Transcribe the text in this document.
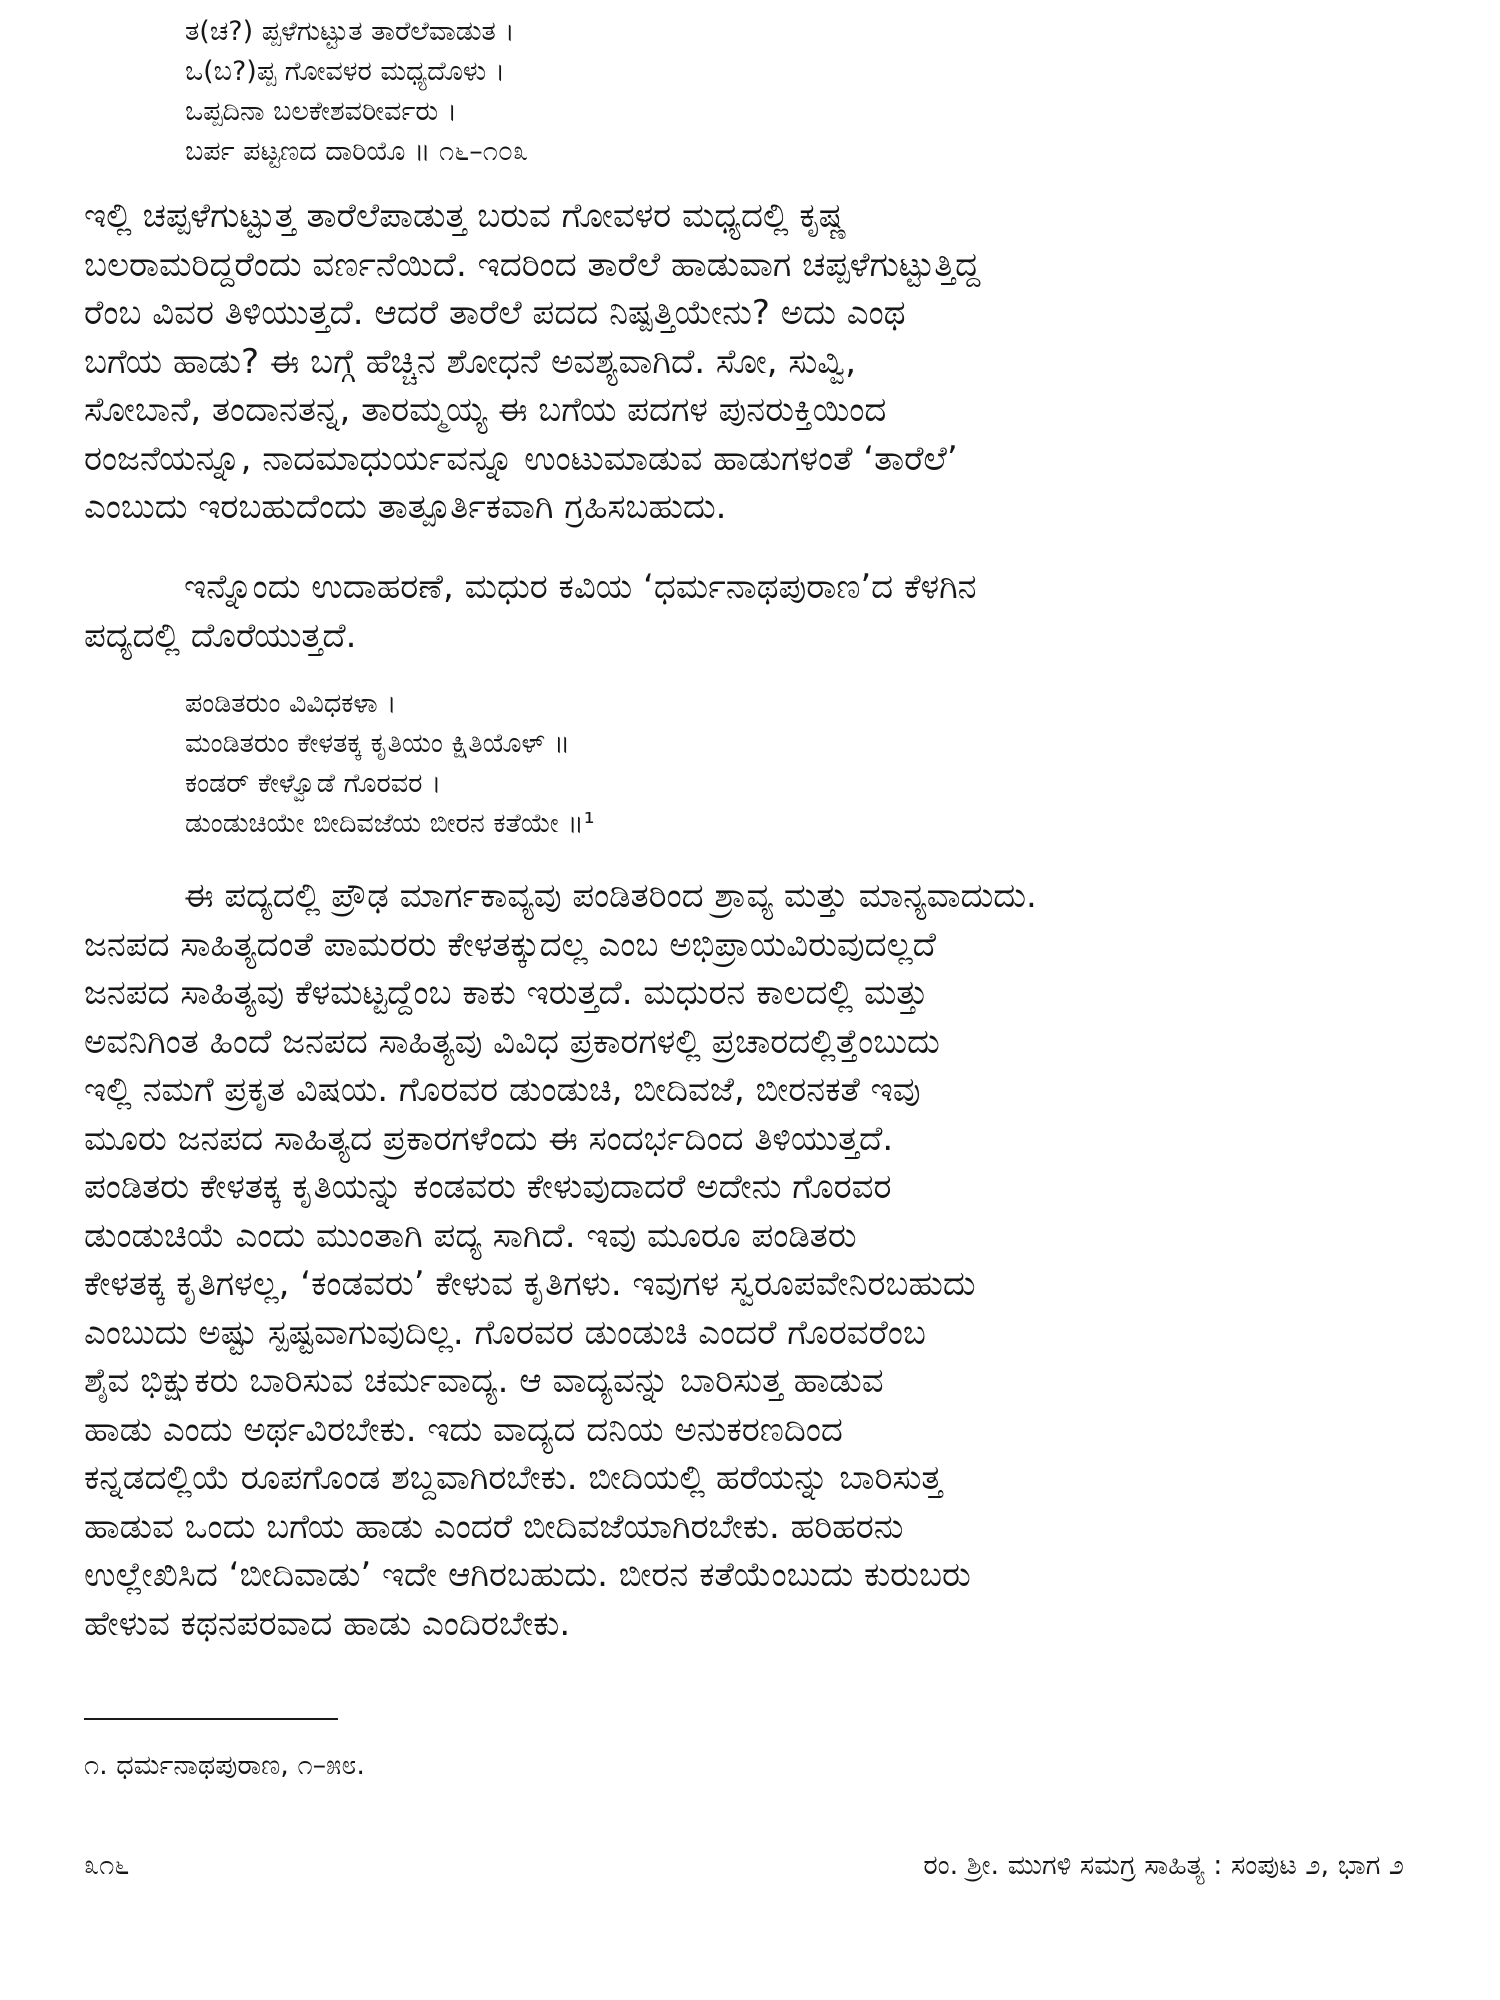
ತ(ಚ?) ಪ್ಪಳೆಗುಟ್ಟುತ ತಾರೆಲೆವಾಡುತ ।
ಒ(ಬ?)ಪ್ಪ ಗೋವಳರ ಮಧ್ಯದೊಳು ।
ಒಪ್ಪದಿನಾ ಬಲಕೇಶವರೀರ್ವರು ।
ಬರ್ಪ ಪಟ್ಟಣದ ದಾರಿಯೊ ॥ ೧೬–೧೦೩
ಇಲ್ಲಿ ಚಪ್ಪಳೆಗುಟ್ಟುತ್ತ ತಾರೆಲೆಪಾಡುತ್ತ ಬರುವ ಗೋವಳರ ಮಧ್ಯದಲ್ಲಿ ಕೃಷ್ಣ
ಬಲರಾಮರಿದ್ದರೆಂದು ವರ್ಣನೆಯಿದೆ. ಇದರಿಂದ ತಾರೆಲೆ ಹಾಡುವಾಗ ಚಪ್ಪಳೆಗುಟ್ಟುತ್ತಿದ್ದ
ರೆಂಬ ವಿವರ ತಿಳಿಯುತ್ತದೆ. ಆದರೆ ತಾರೆಲೆ ಪದದ ನಿಷ್ಪತ್ತಿಯೇನು? ಅದು ಎಂಥ
ಬಗೆಯ ಹಾಡು? ಈ ಬಗ್ಗೆ ಹೆಚ್ಚಿನ ಶೋಧನೆ ಅವಶ್ಯವಾಗಿದೆ. ಸೋ, ಸುವ್ವಿ,
ಸೋಬಾನೆ, ತಂದಾನತನ್ನ, ತಾರಮ್ಮಯ್ಯ ಈ ಬಗೆಯ ಪದಗಳ ಪುನರುಕ್ತಿಯಿಂದ
ರಂಜನೆಯನ್ನೂ, ನಾದಮಾಧುರ್ಯವನ್ನೂ ಉಂಟುಮಾಡುವ ಹಾಡುಗಳಂತೆ ‘ತಾರೆಲೆ’
ಎಂಬುದು ಇರಬಹುದೆಂದು ತಾತ್ಪೂರ್ತಿಕವಾಗಿ ಗ್ರಹಿಸಬಹುದು.
ಇನ್ನೊಂದು ಉದಾಹರಣೆ, ಮಧುರ ಕವಿಯ ‘ಧರ್ಮನಾಥಪುರಾಣ’ದ ಕೆಳಗಿನ
ಪದ್ಯದಲ್ಲಿ ದೊರೆಯುತ್ತದೆ.
ಪಂಡಿತರುಂ ವಿವಿಧಕಳಾ ।
ಮಂಡಿತರುಂ ಕೇಳತಕ್ಕ ಕೃತಿಯಂ ಕ್ಷಿತಿಯೊಳ್ ॥
ಕಂಡರ್ ಕೇಳ್ವೊಡೆ ಗೊರವರ ।
ಡುಂಡುಚಿಯೇ ಬೀದಿವಜೆಯ ಬೀರನ ಕತೆಯೇ ॥¹
ಈ ಪದ್ಯದಲ್ಲಿ ಪ್ರೌಢ ಮಾರ್ಗಕಾವ್ಯವು ಪಂಡಿತರಿಂದ ಶ್ರಾವ್ಯ ಮತ್ತು ಮಾನ್ಯವಾದುದು.
ಜನಪದ ಸಾಹಿತ್ಯದಂತೆ ಪಾಮರರು ಕೇಳತಕ್ಕುದಲ್ಲ ಎಂಬ ಅಭಿಪ್ರಾಯವಿರುವುದಲ್ಲದೆ
ಜನಪದ ಸಾಹಿತ್ಯವು ಕೆಳಮಟ್ಟದ್ದೆಂಬ ಕಾಕು ಇರುತ್ತದೆ. ಮಧುರನ ಕಾಲದಲ್ಲಿ ಮತ್ತು
ಅವನಿಗಿಂತ ಹಿಂದೆ ಜನಪದ ಸಾಹಿತ್ಯವು ವಿವಿಧ ಪ್ರಕಾರಗಳಲ್ಲಿ ಪ್ರಚಾರದಲ್ಲಿತ್ತೆಂಬುದು
ಇಲ್ಲಿ ನಮಗೆ ಪ್ರಕೃತ ವಿಷಯ. ಗೊರವರ ಡುಂಡುಚಿ, ಬೀದಿವಜೆ, ಬೀರನಕತೆ ಇವು
ಮೂರು ಜನಪದ ಸಾಹಿತ್ಯದ ಪ್ರಕಾರಗಳೆಂದು ಈ ಸಂದರ್ಭದಿಂದ ತಿಳಿಯುತ್ತದೆ.
ಪಂಡಿತರು ಕೇಳತಕ್ಕ ಕೃತಿಯನ್ನು ಕಂಡವರು ಕೇಳುವುದಾದರೆ ಅದೇನು ಗೊರವರ
ಡುಂಡುಚಿಯೆ ಎಂದು ಮುಂತಾಗಿ ಪದ್ಯ ಸಾಗಿದೆ. ಇವು ಮೂರೂ ಪಂಡಿತರು
ಕೇಳತಕ್ಕ ಕೃತಿಗಳಲ್ಲ, ‘ಕಂಡವರು’ ಕೇಳುವ ಕೃತಿಗಳು. ಇವುಗಳ ಸ್ವರೂಪವೇನಿರಬಹುದು
ಎಂಬುದು ಅಷ್ಟು ಸ್ಪಷ್ಟವಾಗುವುದಿಲ್ಲ. ಗೊರವರ ಡುಂಡುಚಿ ಎಂದರೆ ಗೊರವರೆಂಬ
ಶೈವ ಭಿಕ್ಷುಕರು ಬಾರಿಸುವ ಚರ್ಮವಾದ್ಯ. ಆ ವಾದ್ಯವನ್ನು ಬಾರಿಸುತ್ತ ಹಾಡುವ
ಹಾಡು ಎಂದು ಅರ್ಥವಿರಬೇಕು. ಇದು ವಾದ್ಯದ ದನಿಯ ಅನುಕರಣದಿಂದ
ಕನ್ನಡದಲ್ಲಿಯೆ ರೂಪಗೊಂಡ ಶಬ್ದವಾಗಿರಬೇಕು. ಬೀದಿಯಲ್ಲಿ ಹರೆಯನ್ನು ಬಾರಿಸುತ್ತ
ಹಾಡುವ ಒಂದು ಬಗೆಯ ಹಾಡು ಎಂದರೆ ಬೀದಿವಜೆಯಾಗಿರಬೇಕು. ಹರಿಹರನು
ಉಲ್ಲೇಖಿಸಿದ ‘ಬೀದಿವಾಡು’ ಇದೇ ಆಗಿರಬಹುದು. ಬೀರನ ಕತೆಯೆಂಬುದು ಕುರುಬರು
ಹೇಳುವ ಕಥನಪರವಾದ ಹಾಡು ಎಂದಿರಬೇಕು.
೧. ಧರ್ಮನಾಥಪುರಾಣ, ೧–೫೮.
೩೧೬	ರಂ. ಶ್ರೀ. ಮುಗಳಿ ಸಮಗ್ರ ಸಾಹಿತ್ಯ : ಸಂಪುಟ ೨, ಭಾಗ ೨
